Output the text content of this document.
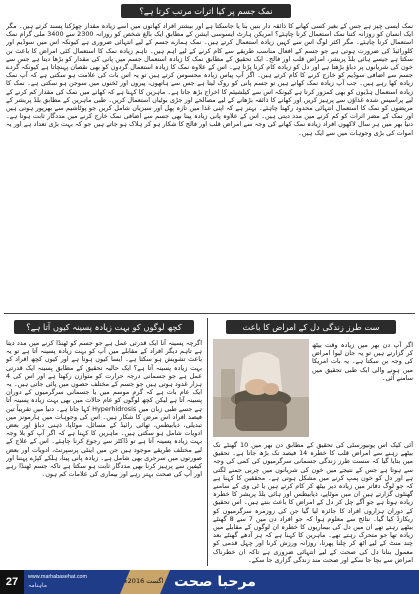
نمک جسم پر کیا اثرات مرتب کرتا ہے؟
نمک ایسی چیز ہے جس کے بغیر کسی کھانے کا ذائقہ دار بنیں بنا یا جاسکتا ہے اور بیشتر افراد کھانوں میں اسے زیادہ مقدار چھڑکنا پسند کرتے ہیں۔ مگر ایک انسان کو روزانہ کتنا نمک استعمال کرنا چاہئے؟ امریکن ہارٹ ایسوسی ایشن کے مطابق ایک بالغ شخص کو روزانہ 2300 سے 3400 ملی گرام نمک استعمال کرنا چاہئے۔ مگر اکثر لوگ اس سے کہیں زیادہ استعمال کرتے ہیں۔ نمک ہمارے جسم کے لیے انتہائی ضروری ہے کیونکہ اس میں سوڈیم اور کلورائیڈ کی ضرورت ہوتی ہے جو جسم کے افعال مناسب طریقے سے کام کرنے کے لیے اہم ہیں۔ تاہم زیادہ نمک کا استعمال کئی امراض کا باعث بن سکتا ہے جیسے ہائی بلڈ پریشر، امراض قلب اور فالج۔ ایک تحقیق کے مطابق نمک کا زیادہ استعمال جسم میں پانی کی مقدار کو بڑھا دیتا ہے جس سے خون کی شریانوں پر دباؤ بڑھتا ہے اور دل کو زیادہ کام کرنا پڑتا ہے۔ اس کے علاوہ نمک کا زیادہ استعمال گردوں کو بھی نقصان پہنچاتا ہے کیونکہ گردے جسم سے اضافی سوڈیم کو خارج کرنے کا کام کرتے ہیں۔ اگر آپ پیاس زیادہ محسوس کرتے ہیں تو یہ اس بات کی علامت ہو سکتی ہے کہ آپ نمک زیادہ کھا رہے ہیں۔ جب آپ زیادہ نمک کھاتے ہیں تو جسم پانی کو روک لیتا ہے جس سے ہاتھوں، پیروں اور ٹخنوں میں سوجن ہو سکتی ہے۔ نمک کا زیادہ استعمال ہڈیوں کو بھی کمزور کرتا ہے کیونکہ اس سے کیلشیئم کا اخراج بڑھ جاتا ہے۔ ماہرین کا کہنا ہے کہ کھانے میں نمک کی مقدار کم کرنے کے لیے پراسیس شدہ غذاؤں سے پرہیز کریں اور کھانے کا ذائقہ بڑھانے کے لیے مصالحے اور جڑی بوٹیاں استعمال کریں۔ طبی ماہرین کے مطابق بلڈ پریشر کے مریضوں کو نمک کا استعمال انتہائی محدود رکھنا چاہئے۔ بہتر ہے کہ اپنی غذا میں تازہ پھل اور سبزیاں شامل کریں جو پوٹاشیم سے بھرپور ہوتی ہیں اور نمک کے مضر اثرات کو کم کرنے میں مدد دیتی ہیں۔ اس کے علاوہ پانی زیادہ پینا بھی جسم سے اضافی نمک خارج کرنے میں مددگار ثابت ہوتا ہے۔ دنیا بھر میں ہر سال لاکھوں افراد زیادہ نمک کھانے کی وجہ سے امراض قلب اور فالج کا شکار ہو کر ہلاک ہو جاتے ہیں جو کہ بہت بڑی تعداد ہے اور یہ اموات کی بڑی وجوہات میں سے ایک ہیں۔
کچھ لوگوں کو بہت زیادہ پسینہ کیوں آتا ہے؟
اگرچہ پسینہ آنا ایک قدرتی عمل ہے جو جسم کو ٹھنڈا کرنے میں مدد دیتا ہے تاہم دیگر افراد کے مقابلے میں آپ کو بہت زیادہ پسینہ آتا ہے تو یہ باعث تشویش ہو سکتا ہے۔ ایسا کیوں ہوتا ہے اور کیوں کچھ افراد کو بہت زیادہ پسینہ آتا ہے؟ ایک حالیہ تحقیق کے مطابق پسینہ ایک قدرتی عمل ہے جو جسمانی درجہ حرارت کو متوازن رکھتا ہے اور اس کی 4 ہزار غدود ہوتی ہیں جو جسم کے مختلف حصوں میں پائی جاتی ہیں۔ یہ ایک عام بات ہے کہ گرم موسم میں یا جسمانی سرگرمیوں کے دوران پسینہ آتا ہے لیکن کچھ لوگوں کو عام حالات میں بھی بہت زیادہ پسینہ آتا ہے جسے طبی زبان میں Hyperhidrosis کہا جاتا ہے۔ دنیا میں تقریباً تین فیصد افراد اس مرض کا شکار ہیں۔ اس کی وجوہات میں ہارمونز میں تبدیلی، ذیابیطس، تھائی رائیڈ کے مسائل، موٹاپا، ذہنی دباؤ اور بعض ادویات شامل ہو سکتی ہیں۔ ماہرین کا کہنا ہے کہ اگر آپ کو بلا وجہ بہت زیادہ پسینہ آتا ہے تو ڈاکٹر سے رجوع کرنا چاہئے۔ اس کے علاج کے لیے مختلف طریقے موجود ہیں جن میں اینٹی پرسپرنٹ، ادویات اور بعض صورتوں میں سرجری بھی شامل ہے۔ زیادہ پانی پینا، ہلکے کپڑے پہننا اور کیفین سے پرہیز کرنا بھی مددگار ثابت ہو سکتا ہے تاکہ جسم ٹھنڈا رہے اور آپ کی صحت بہتر رہے اور بیماری کی علامات کم ہوں۔
ست طرز زندگی دل کے امراض کا باعث
اگر آپ دن بھر میں زیادہ وقت بیٹھ کر گزارتے ہیں تو یہ جان لیوا امراض کی وجہ بن سکتا ہے۔ یہ بات امریکا میں ہونے والی ایک طبی تحقیق میں سامنے آئی۔
آئی کیک اس یونیورسٹی کی تحقیق کے مطابق دن بھر میں 10 گھنٹے تک بیٹھے رہنے سے امراض قلب کا خطرہ 14 فیصد تک بڑھ جاتا ہے۔ تحقیق میں بتایا گیا کہ سست طرز زندگی جسمانی سرگرمیوں کی کمی کی وجہ سے ہوتا ہے جس کے نتیجے میں خون کی شریانوں میں چربی جمنے لگتی ہے اور دل کو خون پمپ کرنے میں مشکل ہوتی ہے۔ محققین کا کہنا ہے کہ جو لوگ دفاتر میں زیادہ دیر بیٹھ کر کام کرتے ہیں یا ٹی وی کے سامنے گھنٹوں گزارتے ہیں ان میں موٹاپے، ذیابیطس اور ہائی بلڈ پریشر کا خطرہ زیادہ ہوتا ہے جو آگے چل کر دل کے امراض کا باعث بنتے ہیں۔ اس تحقیق کے دوران ہزاروں افراد کا جائزہ لیا گیا جن کی روزمرہ سرگرمیوں کو ریکارڈ کیا گیا۔ نتائج سے معلوم ہوا کہ جو افراد دن میں 7 سے 8 گھنٹے بیٹھے رہتے تھے ان میں دل کی بیماریوں کا خطرہ ان لوگوں کے مقابلے میں زیادہ تھا جو متحرک رہتے تھے۔ ماہرین کا کہنا ہے کہ ہر آدھے گھنٹے بعد چند منٹ کے لیے اٹھ کر چلنا پھرنا، روزانہ ورزش کرنا اور چہل قدمی کو معمول بنانا دل کی صحت کے لیے انتہائی ضروری ہے تاکہ ان خطرناک امراض سے بچا جا سکے اور صحت مند زندگی گزاری جا سکے۔
27	www.marhabasehat.com
ماہنامہ
اگست 2016ء مرحبا صحت
